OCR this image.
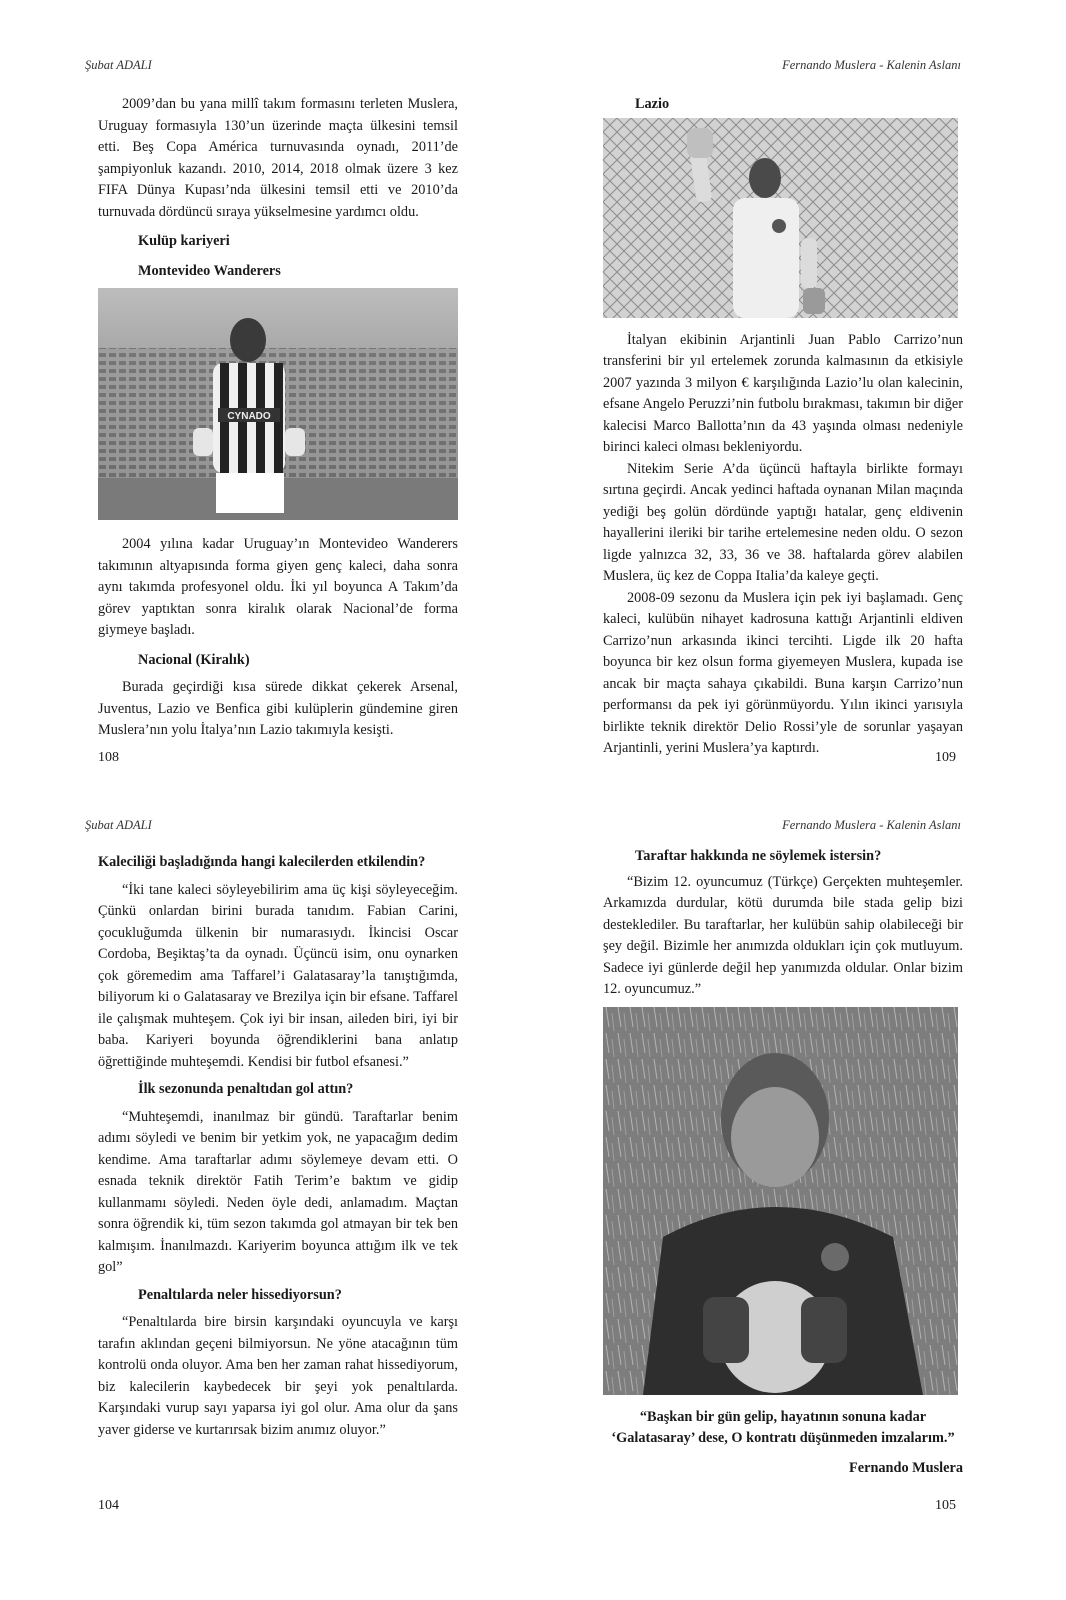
Şubat ADALI

2009’dan bu yana millî takım formasını terleten Muslera, Uruguay formasıyla 130’un üzerinde maçta ülkesini temsil etti. Beş Copa América turnuvasında oynadı, 2011’de şampiyonluk kazandı. 2010, 2014, 2018 olmak üzere 3 kez FIFA Dünya Kupası’nda ülkesini temsil etti ve 2010’da turnuvada dördüncü sıraya yükselmesine yardımcı oldu.

Kulüp kariyeri
Montevideo Wanderers
CYNADO

2004 yılına kadar Uruguay’ın Montevideo Wanderers takımının altyapısında forma giyen genç kaleci, daha sonra aynı takımda profesyonel oldu. İki yıl boyunca A Takım’da görev yaptıktan sonra kiralık olarak Nacional’de forma giymeye başladı.

Nacional (Kiralık)

Burada geçirdiği kısa sürede dikkat çekerek Arsenal, Juventus, Lazio ve Benfica gibi kulüplerin gündemine giren Muslera’nın yolu İtalya’nın Lazio takımıyla kesişti.

108
Fernando Muslera - Kalenin Aslanı
Lazio

İtalyan ekibinin Arjantinli Juan Pablo Carrizo’nun transferini bir yıl ertelemek zorunda kalmasının da etkisiyle 2007 yazında 3 milyon € karşılığında Lazio’lu olan kalecinin, efsane Angelo Peruzzi’nin futbolu bırakması, takımın bir diğer kalecisi Marco Ballotta’nın da 43 yaşında olması nedeniyle birinci kaleci olması bekleniyordu.

Nitekim Serie A’da üçüncü haftayla birlikte formayı sırtına geçirdi. Ancak yedinci haftada oynanan Milan maçında yediği beş golün dördünde yaptığı hatalar, genç eldivenin hayallerini ileriki bir tarihe ertelemesine neden oldu. O sezon ligde yalnızca 32, 33, 36 ve 38. haftalarda görev alabilen Muslera, üç kez de Coppa Italia’da kaleye geçti.

2008-09 sezonu da Muslera için pek iyi başlamadı. Genç kaleci, kulübün nihayet kadrosuna kattığı Arjantinli eldiven Carrizo’nun arkasında ikinci tercihti. Ligde ilk 20 hafta boyunca bir kez olsun forma giyemeyen Muslera, kupada ise ancak bir maçta sahaya çıkabildi. Buna karşın Carrizo’nun performansı da pek iyi görünmüyordu. Yılın ikinci yarısıyla birlikte teknik direktör Delio Rossi’yle de sorunlar yaşayan Arjantinli, yerini Muslera’ya kaptırdı.

109
Şubat ADALI
Kaleciliği başladığında hangi kalecilerden etkilendin?

“İki tane kaleci söyleyebilirim ama üç kişi söyleyeceğim. Çünkü onlardan birini burada tanıdım. Fabian Carini, çocukluğumda ülkenin bir numarasıydı. İkincisi Oscar Cordoba, Beşiktaş’ta da oynadı. Üçüncü isim, onu oynarken çok göremedim ama Taffarel’i Galatasaray’la tanıştığımda, biliyorum ki o Galatasaray ve Brezilya için bir efsane. Taffarel ile çalışmak muhteşem. Çok iyi bir insan, aileden biri, iyi bir baba. Kariyeri boyunda öğrendiklerini bana anlatıp öğrettiğinde muhteşemdi. Kendisi bir futbol efsanesi.”

İlk sezonunda penaltıdan gol attın?

“Muhteşemdi, inanılmaz bir gündü. Taraftarlar benim adımı söyledi ve benim bir yetkim yok, ne yapacağım dedim kendime. Ama taraftarlar adımı söylemeye devam etti. O esnada teknik direktör Fatih Terim’e baktım ve gidip kullanmamı söyledi. Neden öyle dedi, anlamadım. Maçtan sonra öğrendik ki, tüm sezon takımda gol atmayan bir tek ben kalmışım. İnanılmazdı. Kariyerim boyunca attığım ilk ve tek gol”

Penaltılarda neler hissediyorsun?

“Penaltılarda bire birsin karşındaki oyuncuyla ve karşı tarafın aklından geçeni bilmiyorsun. Ne yöne atacağının tüm kontrolü onda oluyor. Ama ben her zaman rahat hissediyorum, biz kalecilerin kaybedecek bir şeyi yok penaltılarda. Karşındaki vurup sayı yaparsa iyi gol olur. Ama olur da şans yaver giderse ve kurtarırsak bizim anımız oluyor.”

104
Fernando Muslera - Kalenin Aslanı
Taraftar hakkında ne söylemek istersin?

“Bizim 12. oyuncumuz (Türkçe) Gerçekten muhteşemler. Arkamızda durdular, kötü durumda bile stada gelip bizi desteklediler. Bu taraftarlar, her kulübün sahip olabileceği bir şey değil. Bizimle her anımızda oldukları için çok mutluyum. Sadece iyi günlerde değil hep yanımızda oldular. Onlar bizim 12. oyuncumuz.”

“Başkan bir gün gelip, hayatının sonuna kadar ‘Galatasaray’ dese, O kontratı düşünmeden imzalarım.”

Fernando Muslera
105
